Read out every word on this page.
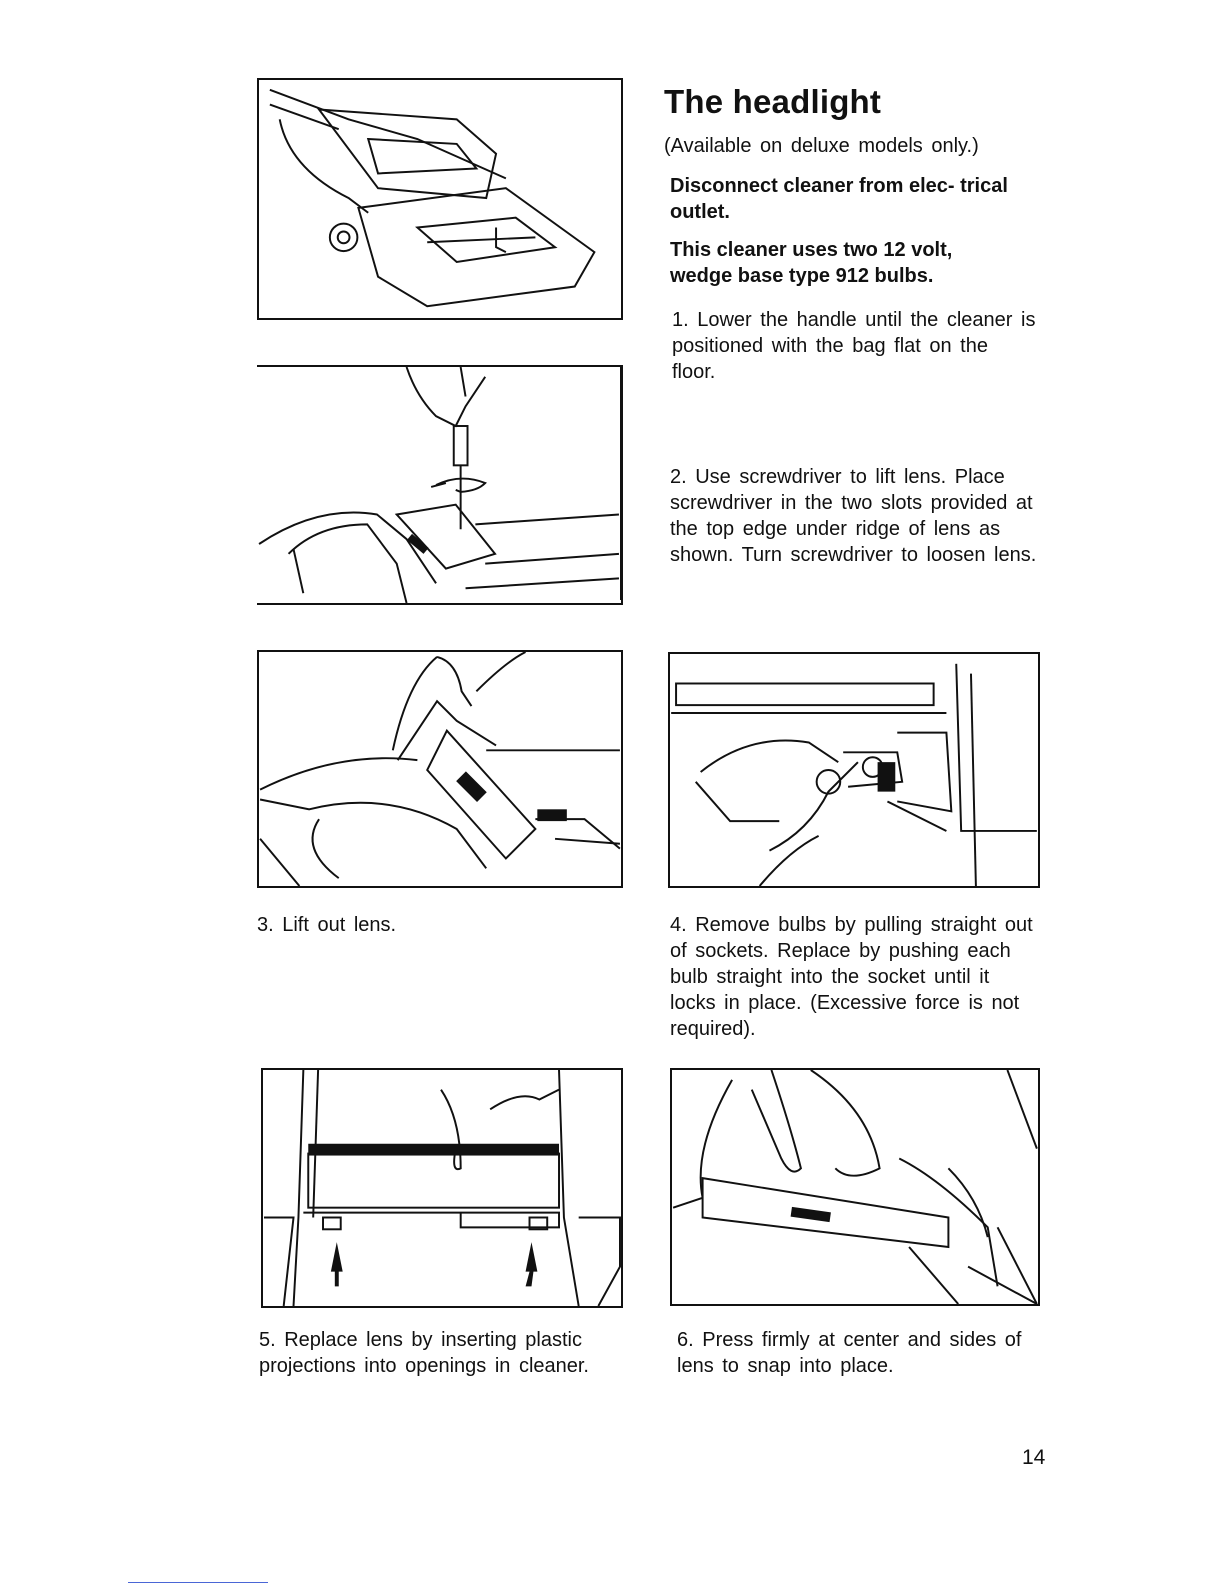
The headlight
(Available on deluxe models only.)
Disconnect cleaner from elec- trical outlet.
This cleaner uses two 12 volt, wedge base type 912 bulbs.
1. Lower the handle until the cleaner is positioned with the bag flat on the floor.
2. Use screwdriver to lift lens. Place screwdriver in the two slots provided at the top edge under ridge of lens as shown. Turn screwdriver to loosen lens.
3. Lift out lens.	4. Remove bulbs by pulling straight out of sockets. Replace by pushing each bulb straight into the socket until it locks in place. (Excessive force is not required).
5. Replace lens by inserting plastic projections into openings in cleaner.
6. Press firmly at center and sides of lens to snap into place.
14
